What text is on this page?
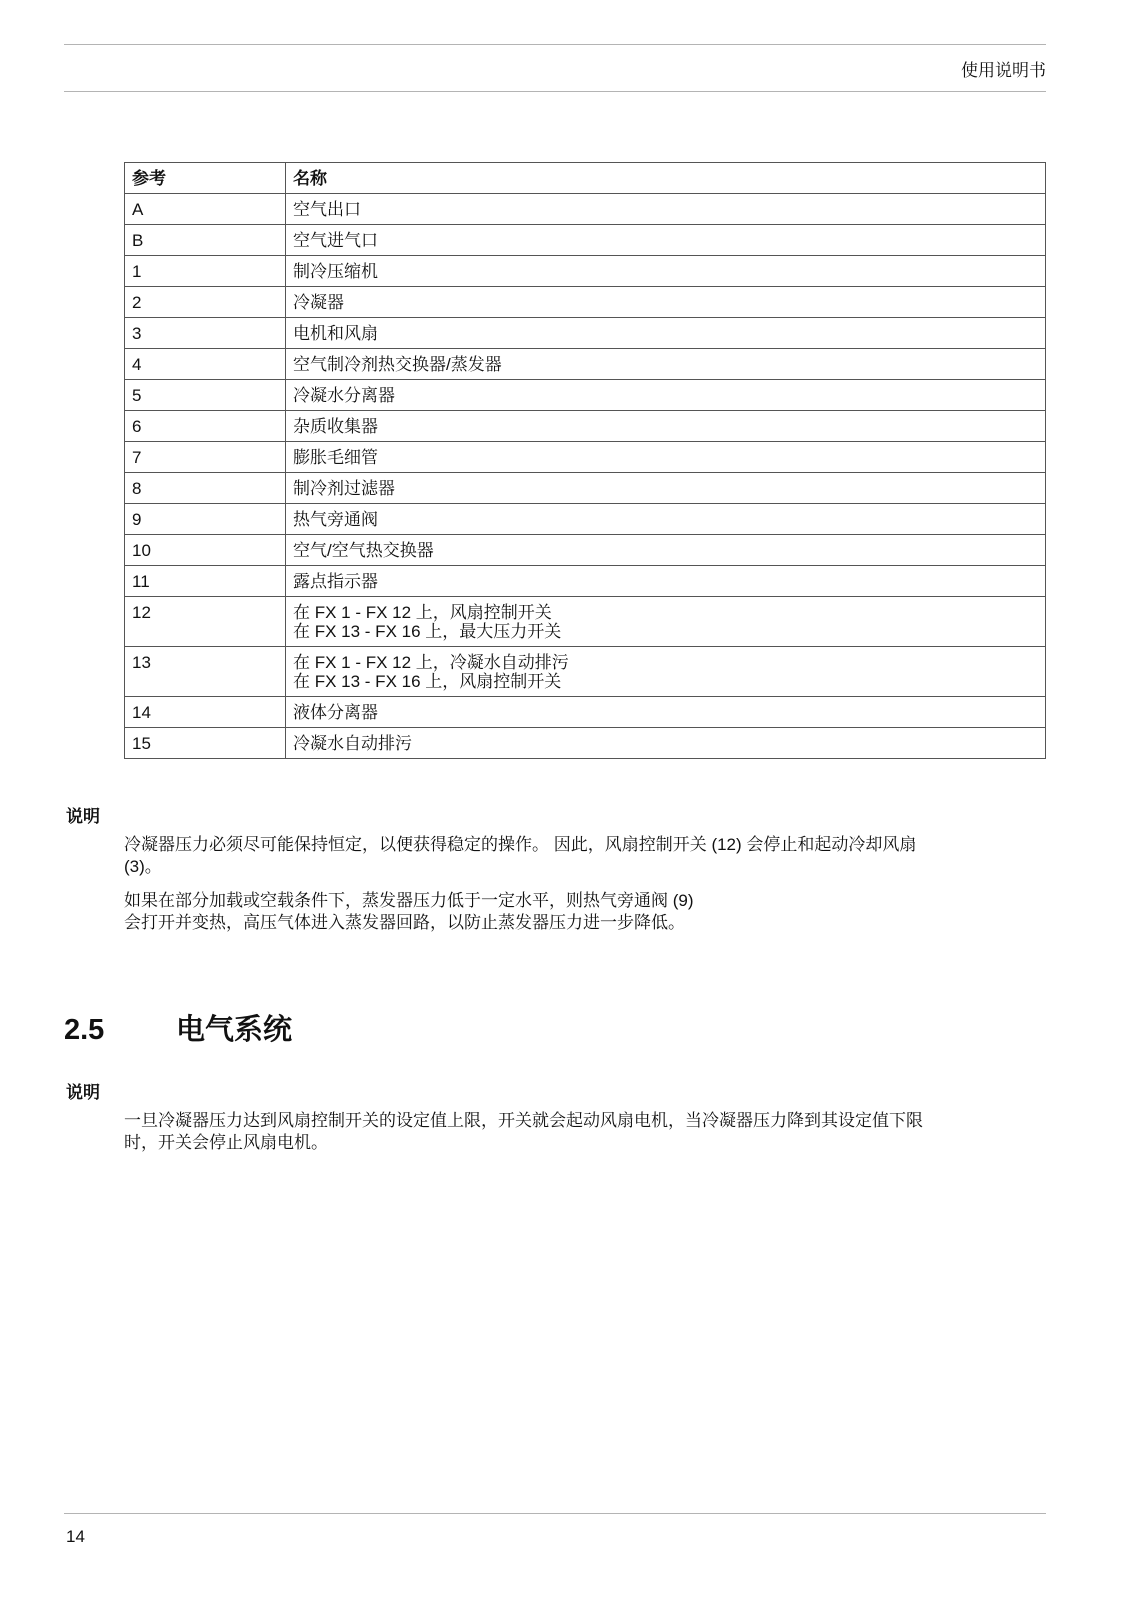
使用说明书
参考	名称
A	空气出口

B	空气进气口

1	制冷压缩机

2	冷凝器

3	电机和风扇

4	空气制冷剂热交换器/蒸发器

5	冷凝水分离器

6	杂质收集器

7	膨胀毛细管

8	制冷剂过滤器

9	热气旁通阀

10	空气/空气热交换器

11	露点指示器

12	在 FX 1 - FX 12 上，风扇控制开关
在 FX 13 - FX 16 上，最大压力开关

13	在 FX 1 - FX 12 上，冷凝水自动排污
在 FX 13 - FX 16 上，风扇控制开关

14	液体分离器

15	冷凝水自动排污
说明
冷凝器压力必须尽可能保持恒定，以便获得稳定的操作。 因此，风扇控制开关 (12) 会停止和起动冷却风扇
(3)。
如果在部分加载或空载条件下，蒸发器压力低于一定水平，则热气旁通阀 (9)
会打开并变热，高压气体进入蒸发器回路，以防止蒸发器压力进一步降低。
2.5 电气系统
说明
一旦冷凝器压力达到风扇控制开关的设定值上限，开关就会起动风扇电机，当冷凝器压力降到其设定值下限
时，开关会停止风扇电机。
14
